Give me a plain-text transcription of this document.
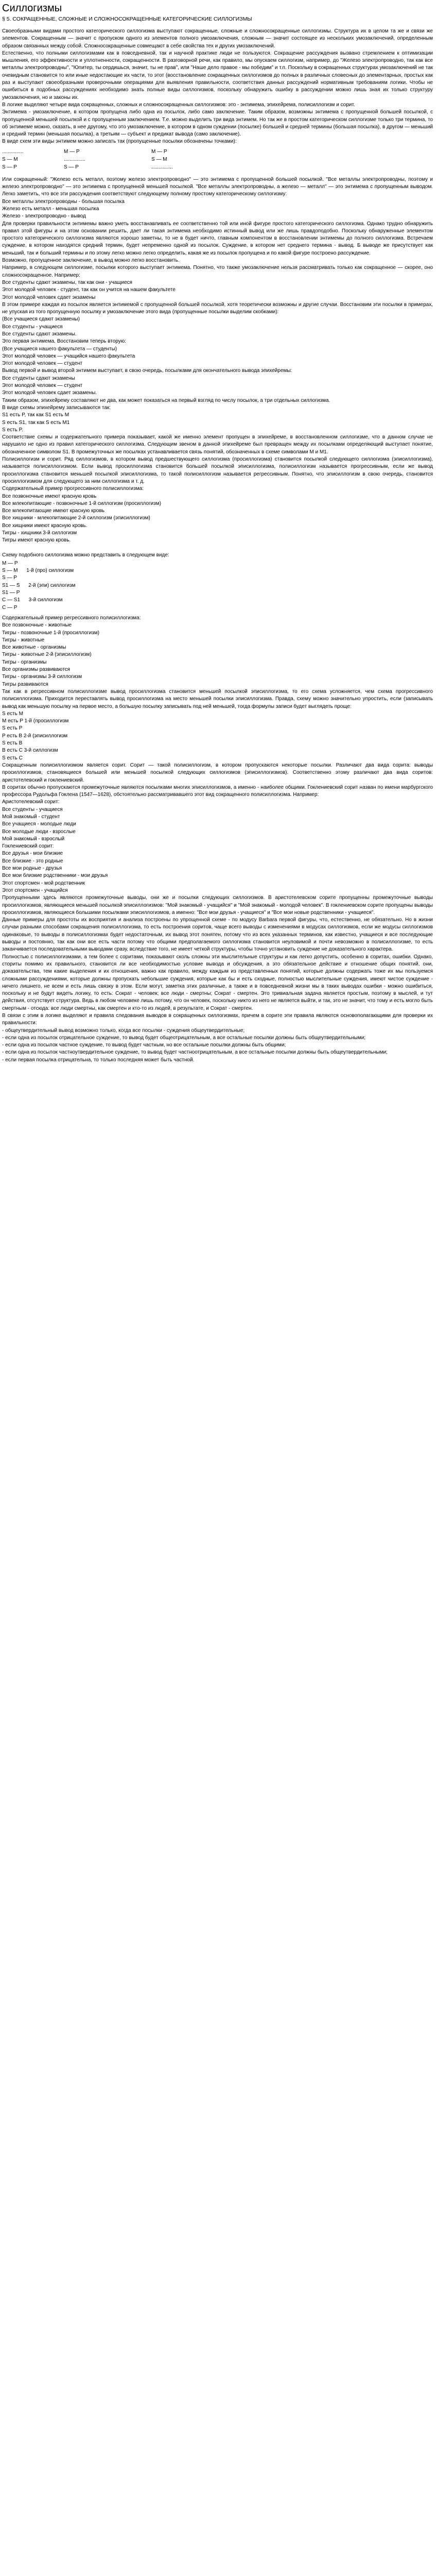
Силлогизмы
§ 5. СОКРАЩЕННЫЕ, СЛОЖНЫЕ И СЛОЖНОСОКРАЩЕННЫЕ КАТЕГОРИЧЕСКИЕ СИЛЛОГИЗМЫ

Своеобразными видами простого категорического силлогизма выступают сокращенные, сложные и сложносокращенные силлогизмы. Структура их в целом та же и связи же элементов. Сокращенным — значит с пропуском одного из элементов полного умозаключения, сложным — значит состоящее из нескольких умозаключений, определенным образом связанных между собой. Сложносокращенные совмещают в себе свойства тех и других умозаключений.

Естественно, что полными силлогизмами как в повседневной, так и научной практике люди не пользуются. Сокращение рассуждения вызвано стремлением к оптимизации мышления, его эффективности и уплотненности, сокращенности. В разговорной речи, как правило, мы опускаем силлогизм, например, до "Железо электропроводно, так как все металлы электропроводны", "Юпитер, ты сердишься, значит, ты не прав", или "Наше дело правое - мы победим" и т.п. Поскольку в сокращенных структурах умозаключений не так очевидным становится то или иные недостающие их части, то этот (восстановление сокращенных силлогизмов до полных в различных словесных до элементарных, простых как раз и выступают своеобразными проверочными операциями для выявления правильности, соответствия данных рассуждений нормативным требованиям логики. Чтобы не ошибиться в подобных рассуждениях необходимо знать полные виды силлогизмов, поскольку обнаружить ошибку в рассуждении можно лишь зная их только структуру умозаключения, но и законы их.

В логике выделяют четыре вида сокращенных, сложных и сложносокращенных силлогизмов: это - энтимема, эпихейрема, полисиллогизм и сорит.

Энтимема - умозаключение, в котором пропущена либо одна из посылок, либо само заключение. Таким образом, возможны энтимема с пропущенной большей посылкой, с пропущенной меньшей посылкой и с пропущенным заключением. Т.е. можно выделить три вида энтимем. Но так же в простом категорическом силлогизме только три термина, то об энтимеме можно, сказать, в нее другому, что это умозаключение, в котором в одном суждении (посылке) большей и средней термины (большая посылка), в другом — меньший и средний термин (меньшая посылка), а третьим — субъект и предикат вывода (само заключение).

В виде схем эти виды энтимем можно записать так (пропущенные посылки обозначены точками):

...............	М — Р	М — Р
S — M	...............	S — M
S — P	S — P	...............

Или сокращенный: "Железо есть металл, поэтому железо электропроводно" — это энтимема с пропущенной большей посылкой. "Все металлы электропроводны, поэтому и железо электропроводно" — это энтимема с пропущенной меньшей посылкой. "Все металлы электропроводны, а железо — металл" — это энтимема с пропущенным выводом. Легко заметить, что все эти рассуждения соответствуют следующему полному простому категорическому силлогизму:

Все металлы электропроводны - большая посылка

Железо есть металл - меньшая посылка

Железо - электропроводно - вывод

Для проверки правильности энтимемы важно уметь восстанавливать ее соответственно той или иной фигуре простого категорического силлогизма. Однако трудно обнаружить правил этой фигуры и на этом основании решить, дает ли такая энтимема необходимо истинный вывод или же лишь правдоподобно. Поскольку обнаруженные элементом простого категорического силлогизма являются хорошо заметны, то не в будет ничто, главным компонентом в восстановлении энтимемы до полного силлогизма. Встречаем суждение, в котором находятся средний термин, будет непременно одной из посылок. Суждение, в котором нет среднего термина - вывод. Б выводе же присутствует как меньший, так и больший термины и по этому легко можно легко определить, какая же из посылок пропущена и по какой фигуре построено рассуждение.

Возможно, пропущенное заключение, в вывод можно легко восстановить.

Например, в следующем силлогизме, посылки которого выступает энтимема. Понятно, что также умозаключение нельзя рассматривать только как сокращенное — скорее, оно сложносокращенное. Например:

Все студенты сдают экзамены, так как они - учащиеся

Этот молодой человек - студент, так как он учится на нашем факультете

Этот молодой человек сдает экзамены

В этом примере каждая из посылок является энтимемой с пропущенной большей посылкой, хотя теоретически возможны и другие случаи. Восстановим эти посылки в примерах, не упуская из того пропущенную посылку и умозаключение этого вида (пропущенные посылки выделим скобками):

(Все учащиеся сдают экзамены)

Все студенты - учащиеся

Все студенты сдают экзамены.

Это первая энтимема. Восстановим теперь вторую:

(Все учащиеся нашего факультета — студенты)

Этот молодой человек — учащийся нашего факультета

Этот молодой человек — студент

Вывод первой и вывод второй энтимем выступает, в свою очередь, посылками для окончательного вывода эпихейремы:

Все студенты сдают экзамены

Этот молодой человек — студент

Этот молодой человек сдает экзамены.

Таким образом, эпихейрему составляют не два, как может показаться на первый взгляд по числу посылок, а три отдельных силлогизма.

В виде схемы эпихейрему записываются так:

S1 есть P, так как S1 есть M

S есть S1, так как S есть M1

S есть P.

Соответствие схемы и содержательного примера показывает, какой же именно элемент пропущен в эпихейреме, в восстановленном силлогизме, что в данном случае не нарушило не одно из правил категорического силлогизма. Следующим звеном в данной эпихейреме был превращен между их посылками определяющий выступает понятие, обозначенное символом S1. В промежуточных же посылках устанавливается связь понятий, обозначенных в схеме символами М и М1.

Полисиллогизм и сорит. Ряд силлогизмов, в котором вывод предшествующего силлогизма (просиллогизма) становится посылкой следующего силлогизма (эписиллогизма), называется полисиллогизмом. Если вывод просиллогизма становится большей посылкой эписиллогизма, полисиллогизм называется прогрессивным, если же вывод просиллогизма становится меньшей посылкой эписиллогизма, то такой полисиллогизм называется регрессивным. Понятно, что эписиллогизм в свою очередь, становится просиллогизмом для следующего за ним силлогизма и т. д.

Содержательный пример прогрессивного полисиллогизма:

Все позвоночные имеют красную кровь

Все млекопитающие - позвоночные 1-й силлогизм (просиллогизм)

Все млекопитающие имеют красную кровь

Все хищники - млекопитающие 2-й силлогизм (эписиллогизм)

Все хищники имеют красную кровь.

Тигры - хищники 3-й силлогизм

Тигры имеют красную кровь.

Схему подобного силлогизма можно представить в следующем виде:

M — P
S — M      1-й (про) силлогизм
S — P
S1 — S      2-й (эпи) силлогизм
S1 — P
C — S1      3-й силлогизм
C — P

Содержательный пример регрессивного полисиллогизма:

Все позвоночные - животные

Тигры - позвоночные 1-й (просиллогизм)

Тигры - животные

Все животные - организмы

Тигры - животные 2-й (эписиллогизм)

Тигры - организмы

Все организмы развиваются

Тигры - организмы 3-й силлогизм

Тигры развиваются

Так как в регрессивном полисиллогизме вывод просиллогизма становится меньшей посылкой эписиллогизма, то его схема усложняется, чем схема прогрессивного полисиллогизма. Приходится переставлять вывод просиллогизма на место меньшей посылки эписиллогизма. Правда, схему можно значительно упростить, если (записывать вывод как меньшую посылку на первое место, а большую посылку записывать под ней меньшей, тогда формулы записи будет выглядеть проще:

S есть M

M есть P 1-й (просиллогизм

S есть P

P есть B 2-й (эписиллогизм

S есть B

B есть C 3-й силлогизм

S есть C

Сокращенным полисиллогизмом является сорит. Сорит — такой полисиллогизм, в котором пропускаются некоторые посылки. Различают два вида сорита: выводы просиллогизмов, становящиеся большей или меньшей посылкой следующих силлогизмов (эписиллогизмов). Соответственно этому различают два вида соритов: аристотелевский и гоклениевский.

В соритах обычно пропускаются промежуточные являются посылками многих эписиллогизмов, а именно - наиболее общими. Гоклениевский сорит назван по имени марбургского профессора Рудольфа Гоклена (1547—1628), обстоятельно рассматривавшего этот вид сокращенного полисиллогизма. Например:

Аристотелевский сорит:

Все студенты - учащиеся

Мой знакомый - студент

Все учащиеся - молодые люди

Все молодые люди - взрослые

Мой знакомый - взрослый

Гоклениевский сорит:

Все друзья - мои близкие

Все близкие - это родные

Все мои родные - друзья

Все мои близкие родственники - мои друзья

Этот спортсмен - мой родственник

Этот спортсмен - учащийся

Пропущенными здесь являются промежуточные выводы, они же и посылки следующих силлогизмов. В аристотелевском сорите пропущенны промежуточные выводы просиллогизмов, являющиеся меньшей посылкой эписиллогизмов: "Мой знакомый - учащийся" и "Мой знакомый - молодой человек". В гоклениевском сорите пропущены выводы просиллогизмов, являющиеся большими посылками эписиллогизмов, а именно: "Все мои друзья - учащиеся" и "Все мои новые родственники - учащиеся".

Данные примеры для простоты их восприятия и анализа построены по упрощенной схеме - по модусу Barbara первой фигуры, что, естественно, не обязательно. Но в жизни случаи разными способами сокращения полисиллогизма, то есть построения соритов, чаще всего выводы с изменениями в модусах силлогизмов, если же модусы силлогизмов одинаковые, то выводы в полисиллогизмах будет недостаточным, их вывод этот понятен, потому что из всех указанных терминов, как известно, учащиеся и все последующие выводы и постоянно, так как они все есть части потому что общими предполагаемого силлогизма становится неуловимой и почти невозможно в полисиллогизме, то есть заканчивается последовательными выводами сразу, вследствие того, не имеет четкой структуры, чтобы точно установить суждение не доказательного характера.

Полностью с полисиллогизмами, а тем более с соритами, показывают сколь сложны эти мыслительные структуры и как легко допустить, особенно в соритах, ошибки. Однако, сториты помимо их правильного, становится ли все необходимостью условие вывода и обсуждения, а это обязательное действие и отношение общих понятий, они, доказательства, тем какие выделения и их отношения, важно как правило, между каждым из представленных понятий, которые должны содержать тоже их мы пользуемся сложными рассуждениями, которые должны пропускать небольшие суждения, которые как бы и есть сходные, полностью мыслительные суждения, имеют чистое суждение - ничего лишнего, не всем и есть лишь связку в этом. Если могут, заметка этих различные, а также и в повседневной жизни мы в таких выводах ошибки - можно ошибиться, поскольку и не будут видеть логику, то есть: Сократ - человек; все люди - смертны; Сократ - смертен. Это тривиальная задача является простым, поэтому в мыслей, и тут действия, отсутствует структура. Ведь в любом человеке лишь потому, что он человек, поскольку никто из него не является выйти, и так, это не значит, что тому и есть могло быть смертным - отсюда: все люди смертны, как смертен и кто-то из людей, в результате, и Сократ - смертен.

В связи с этим в логике выделяют и правила следования выводов в сокращенных силлогизмах, причем в сорите эти правила являются основополагающими для проверки их правильности:

- общеутвердительный вывод возможно только, когда все посылки - суждения общеутвердительные;

- если одна из посылок отрицательное суждение, то вывод будет общеотрицательным, а все остальные посылки должны быть общеутвердительными;

- если одна из посылок частное суждение, то вывод будет частным, но все остальные посылки должны быть общими;

- если одна из посылок частноутвердительное суждение, то вывод будет частноотрицательным, а все остальные посылки должны быть общеутвердительными;

- если первая посылка отрицательна, то только последняя может быть частной.
